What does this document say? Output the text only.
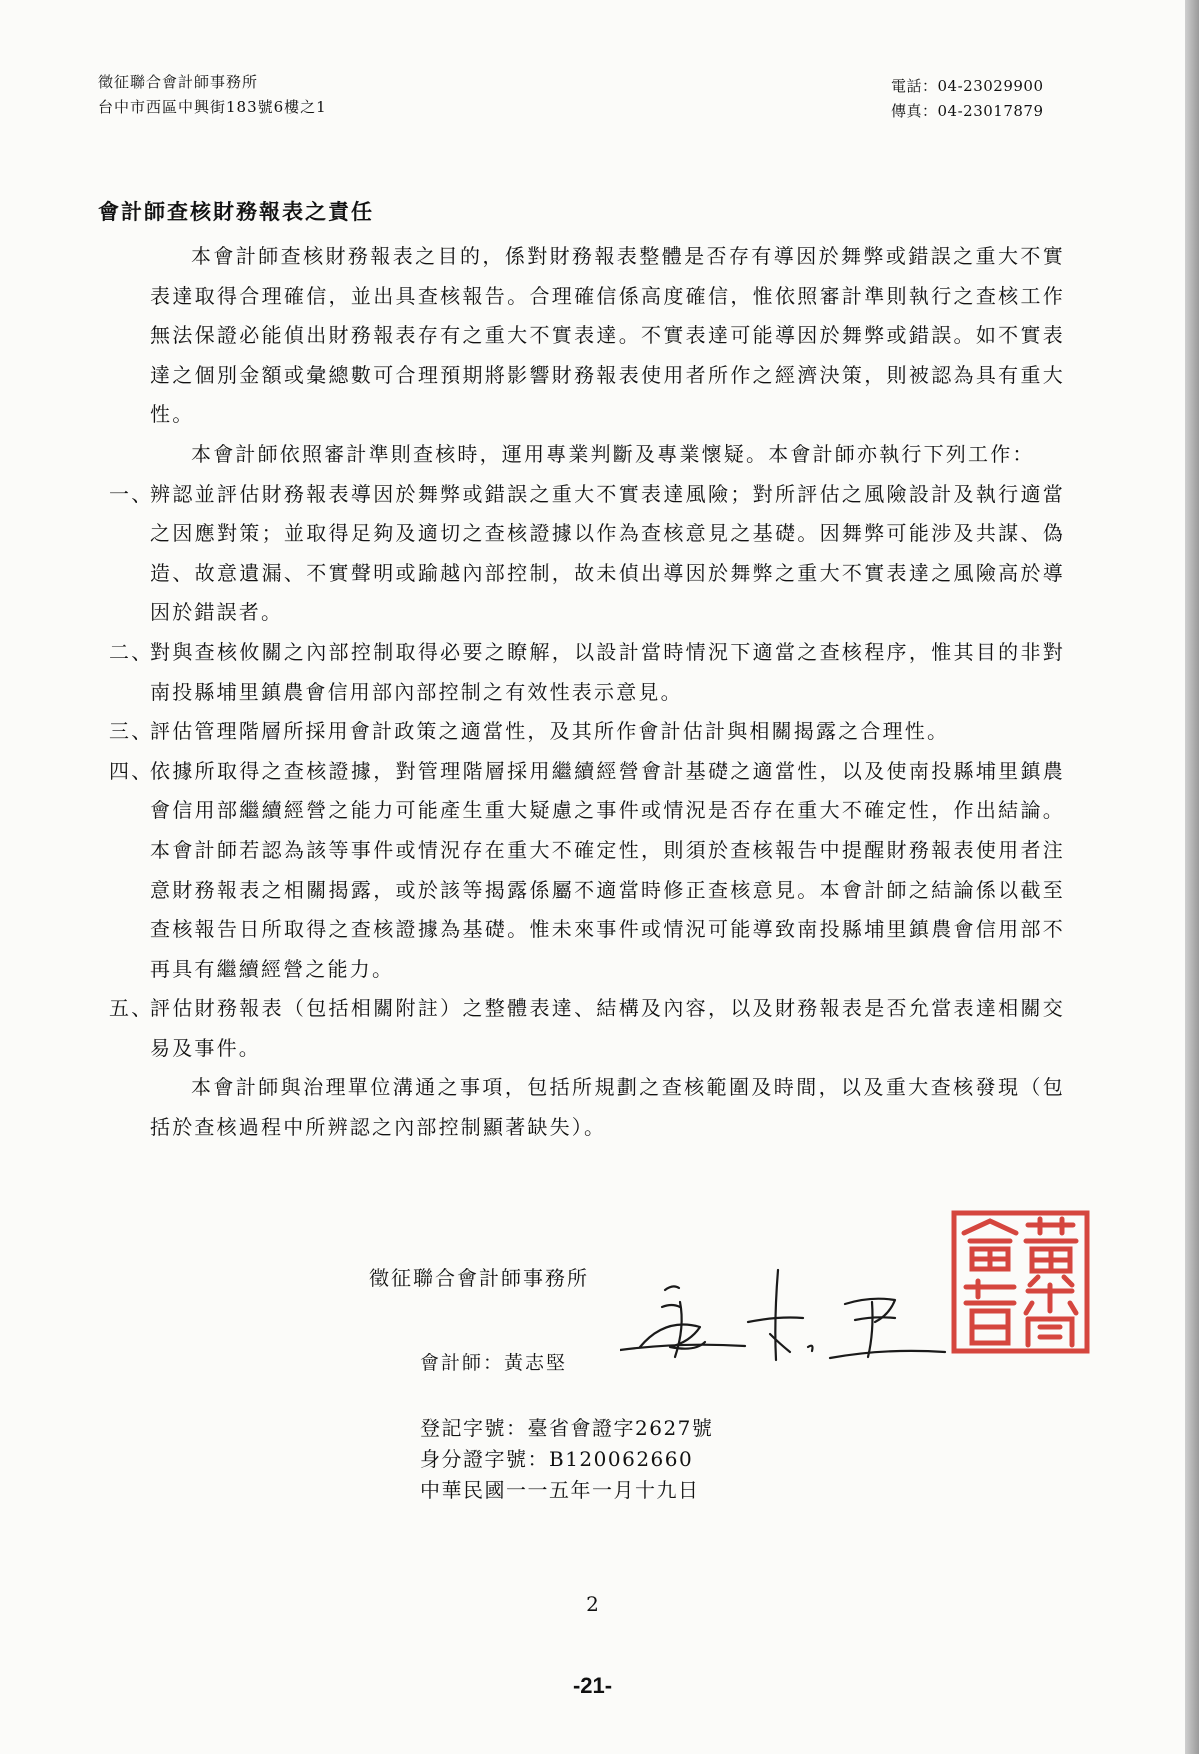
徵征聯合會計師事務所
台中市西區中興街183號6樓之1
電話：04-23029900
傳真：04-23017879
會計師查核財務報表之責任

本會計師查核財務報表之目的，係對財務報表整體是否存有導因於舞弊或錯誤之重大不實表達取得合理確信，並出具查核報告。合理確信係高度確信，惟依照審計準則執行之查核工作無法保證必能偵出財務報表存有之重大不實表達。不實表達可能導因於舞弊或錯誤。如不實表達之個別金額或彙總數可合理預期將影響財務報表使用者所作之經濟決策，則被認為具有重大性。

本會計師依照審計準則查核時，運用專業判斷及專業懷疑。本會計師亦執行下列工作：

一、
辨認並評估財務報表導因於舞弊或錯誤之重大不實表達風險；對所評估之風險設計及執行適當之因應對策；並取得足夠及適切之查核證據以作為查核意見之基礎。因舞弊可能涉及共謀、偽造、故意遺漏、不實聲明或踰越內部控制，故未偵出導因於舞弊之重大不實表達之風險高於導因於錯誤者。
二、
對與查核攸關之內部控制取得必要之瞭解，以設計當時情況下適當之查核程序，惟其目的非對南投縣埔里鎮農會信用部內部控制之有效性表示意見。
三、
評估管理階層所採用會計政策之適當性，及其所作會計估計與相關揭露之合理性。
四、
依據所取得之查核證據，對管理階層採用繼續經營會計基礎之適當性，以及使南投縣埔里鎮農會信用部繼續經營之能力可能產生重大疑慮之事件或情況是否存在重大不確定性，作出結論。本會計師若認為該等事件或情況存在重大不確定性，則須於查核報告中提醒財務報表使用者注意財務報表之相關揭露，或於該等揭露係屬不適當時修正查核意見。本會計師之結論係以截至查核報告日所取得之查核證據為基礎。惟未來事件或情況可能導致南投縣埔里鎮農會信用部不再具有繼續經營之能力。
五、
評估財務報表（包括相關附註）之整體表達、結構及內容，以及財務報表是否允當表達相關交易及事件。

本會計師與治理單位溝通之事項，包括所規劃之查核範圍及時間，以及重大查核發現（包括於查核過程中所辨認之內部控制顯著缺失）。

徵征聯合會計師事務所
會計師：黃志堅
登記字號：臺省會證字2627號
身分證字號：B120062660
中華民國一一五年一月十九日
2
-21-
